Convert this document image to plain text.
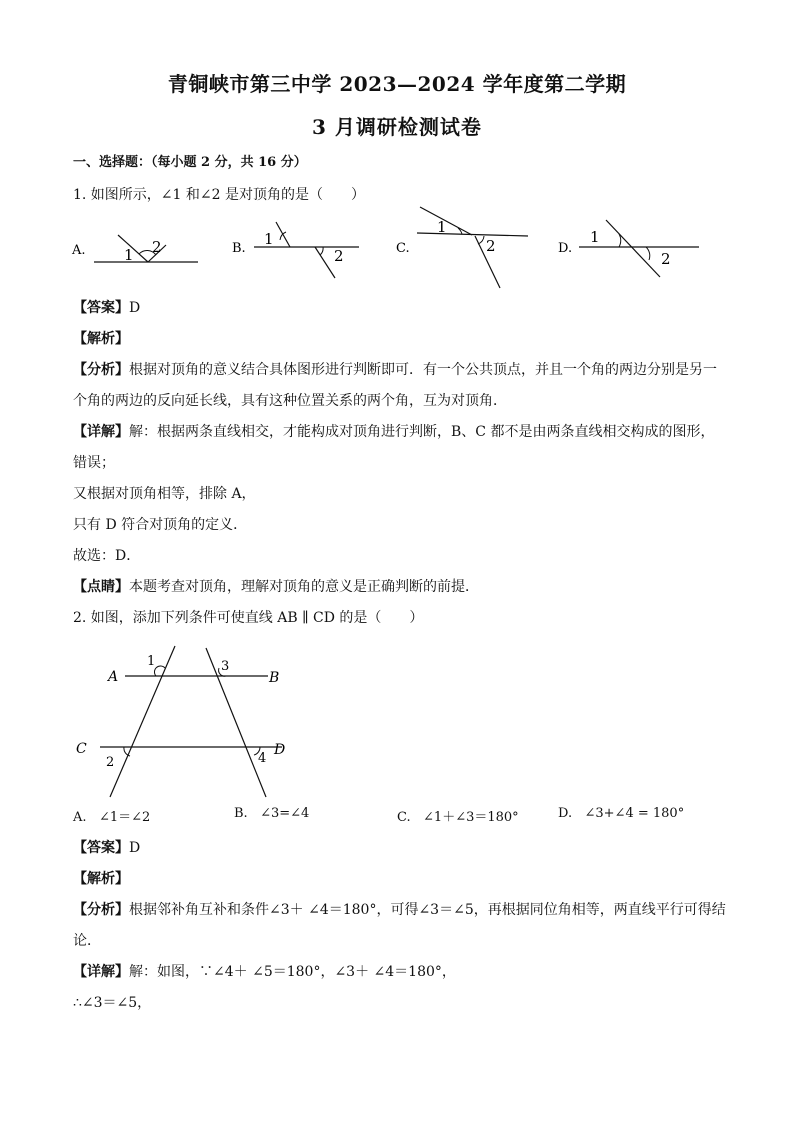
青铜峡市第三中学 2023—2024 学年度第二学期
3 月调研检测试卷
一、选择题：（每小题 2 分，共 16 分）
1. 如图所示，∠1 和∠2 是对顶角的是（　　）
A.	1 2	B.
1
2	C.
1
2	D.
1
2
【答案】D
【解析】
【分析】根据对顶角的意义结合具体图形进行判断即可．有一个公共顶点，并且一个角的两边分别是另一
个角的两边的反向延长线，具有这种位置关系的两个角，互为对顶角．
【详解】解：根据两条直线相交，才能构成对顶角进行判断，B、C 都不是由两条直线相交构成的图形，
错误；
又根据对顶角相等，排除 A，
只有 D 符合对顶角的定义．
故选：D．
【点睛】本题考查对顶角，理解对顶角的意义是正确判断的前提．
2. 如图，添加下列条件可使直线 AB ∥ CD 的是（　　）
A	B
C	D
1	3
2	4
A. ∠1＝∠2	B. ∠3=∠4	C. ∠1＋∠3＝180°	D. ∠3+∠4 = 180°
【答案】D
【解析】
【分析】根据邻补角互补和条件∠3＋ ∠4＝180°，可得∠3＝∠5，再根据同位角相等，两直线平行可得结
论．
【详解】解：如图，∵∠4＋ ∠5＝180°，∠3＋ ∠4＝180°，
∴∠3＝∠5，
